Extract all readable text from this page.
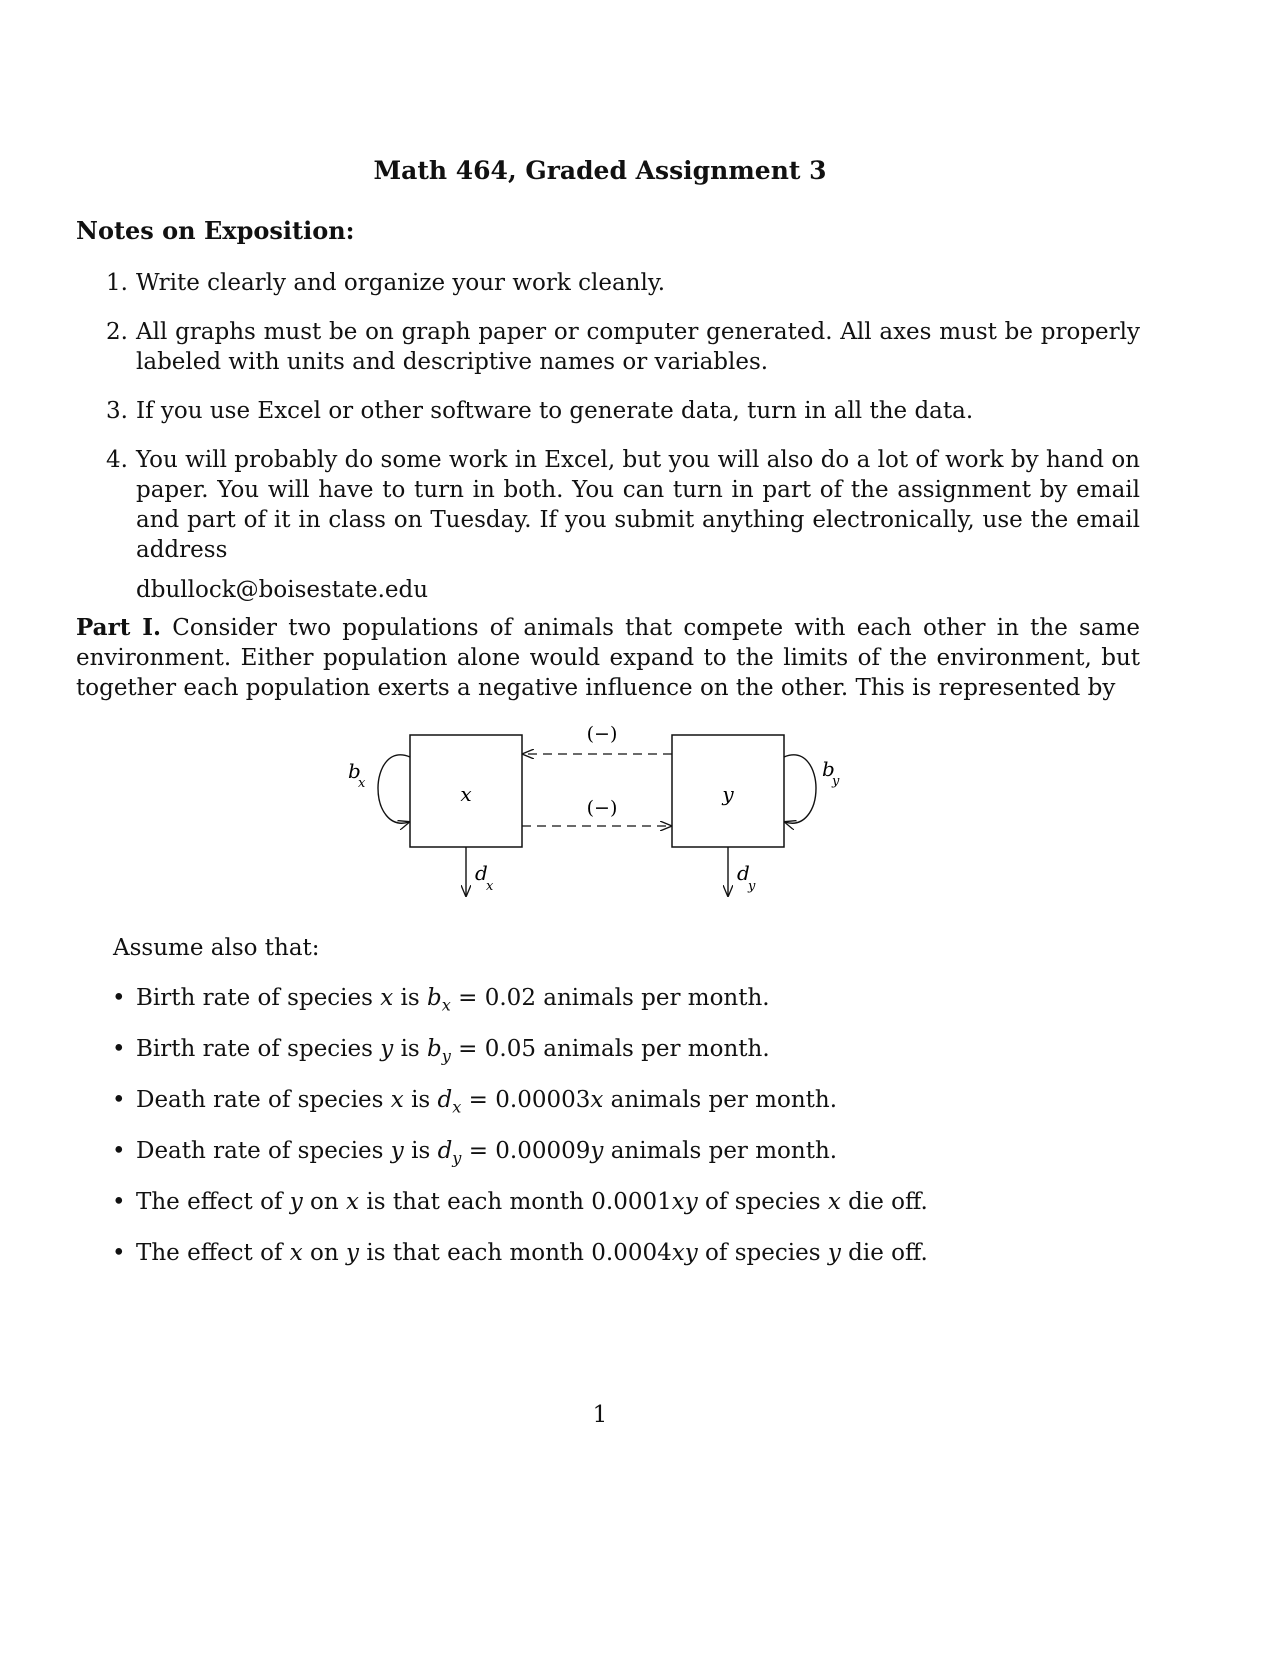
Math 464, Graded Assignment 3
Notes on Exposition:
1. Write clearly and organize your work cleanly.
2. All graphs must be on graph paper or computer generated. All axes must be properly labeled with units and descriptive names or variables.
3. If you use Excel or other software to generate data, turn in all the data.
4. You will probably do some work in Excel, but you will also do a lot of work by hand on paper. You will have to turn in both. You can turn in part of the assignment by email and part of it in class on Tuesday. If you submit anything electronically, use the email address
dbullock@boisestate.edu
Part I. Consider two populations of animals that compete with each other in the same environment. Either population alone would expand to the limits of the environment, but together each population exerts a negative influence on the other. This is represented by
x	y
(−)
(−)
b
x
b
y
d
x
d
y
Assume also that:
• Birth rate of species x is $b_x = 0.02$ animals per month.
• Birth rate of species y is $b_y = 0.05$ animals per month.
• Death rate of species x is $d_x = 0.00003x$ animals per month.
• Death rate of species y is $d_y = 0.00009y$ animals per month.
• The effect of y on x is that each month 0.0001xy of species x die off.
• The effect of x on y is that each month 0.0004xy of species y die off.
1
